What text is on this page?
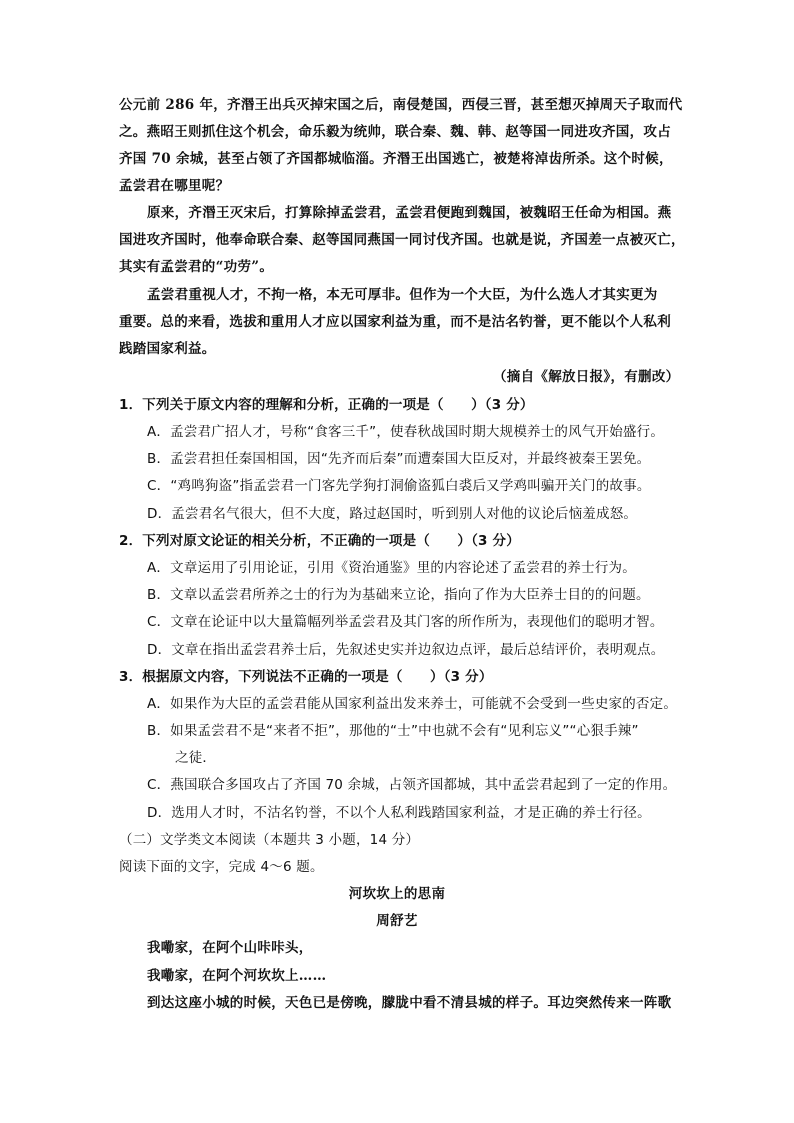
公元前 286 年，齐湣王出兵灭掉宋国之后，南侵楚国，西侵三晋，甚至想灭掉周天子取而代
之。燕昭王则抓住这个机会，命乐毅为统帅，联合秦、魏、韩、赵等国一同进攻齐国，攻占
齐国 70 余城，甚至占领了齐国都城临淄。齐湣王出国逃亡，被楚将淖齿所杀。这个时候，
孟尝君在哪里呢？
原来，齐湣王灭宋后，打算除掉孟尝君，孟尝君便跑到魏国，被魏昭王任命为相国。燕
国进攻齐国时，他奉命联合秦、赵等国同燕国一同讨伐齐国。也就是说，齐国差一点被灭亡，
其实有孟尝君的“功劳”。
孟尝君重视人才，不拘一格，本无可厚非。但作为一个大臣，为什么选人才其实更为
重要。总的来看，选拔和重用人才应以国家利益为重，而不是沽名钓誉，更不能以个人私利
践踏国家利益。
（摘自《解放日报》，有删改）
1．下列关于原文内容的理解和分析，正确的一项是（　　）（3 分）
A．孟尝君广招人才，号称“食客三千”，使春秋战国时期大规模养士的风气开始盛行。
B．孟尝君担任秦国相国，因“先齐而后秦”而遭秦国大臣反对，并最终被秦王罢免。
C．“鸡鸣狗盗”指孟尝君一门客先学狗打洞偷盗狐白裘后又学鸡叫骗开关门的故事。
D．孟尝君名气很大，但不大度，路过赵国时，听到别人对他的议论后恼羞成怒。
2．下列对原文论证的相关分析，不正确的一项是（　　）（3 分）
A．文章运用了引用论证，引用《资治通鉴》里的内容论述了孟尝君的养士行为。
B．文章以孟尝君所养之士的行为为基础来立论，指向了作为大臣养士目的的问题。
C．文章在论证中以大量篇幅列举孟尝君及其门客的所作所为，表现他们的聪明才智。
D．文章在指出孟尝君养士后，先叙述史实并边叙边点评，最后总结评价，表明观点。
3．根据原文内容，下列说法不正确的一项是（　　）（3 分）
A．如果作为大臣的孟尝君能从国家利益出发来养士，可能就不会受到一些史家的否定。
B．如果孟尝君不是“来者不拒”，那他的“士”中也就不会有“见利忘义”“心狠手辣”
之徒．
C．燕国联合多国攻占了齐国 70 余城，占领齐国都城，其中孟尝君起到了一定的作用。
D．选用人才时，不沽名钓誉，不以个人私利践踏国家利益，才是正确的养士行径。
（二）文学类文本阅读（本题共 3 小题，14 分）
阅读下面的文字，完成 4～6 题。
河坎坎上的思南
周舒艺
我嘞家，在阿个山咔咔头，
我嘞家，在阿个河坎坎上……
到达这座小城的时候，天色已是傍晚，朦胧中看不清县城的样子。耳边突然传来一阵歌
